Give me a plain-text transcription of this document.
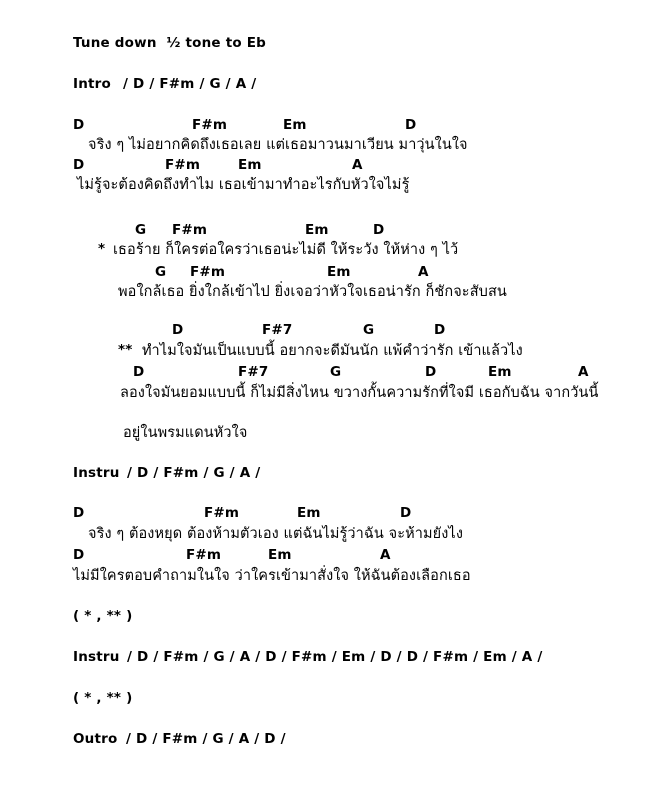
Tune down  ½ tone to Eb
Intro / D / F#m / G / A /
D	F#m	Em	D
จริง ๆ ไม่อยากคิดถึงเธอเลย แต่เธอมาวนมาเวียน มาวุ่นในใจ
D	F#m	Em	A
ไม่รู้จะต้องคิดถึงทำไม เธอเข้ามาทำอะไรกับหัวใจไม่รู้
G F#m	Em	D
* เธอร้าย ก็ใครต่อใครว่าเธอน่ะไม่ดี ให้ระวัง ให้ห่าง ๆ ไว้
G F#m	Em	A
พอใกล้เธอ ยิ่งใกล้เข้าไป ยิ่งเจอว่าหัวใจเธอน่ารัก ก็ชักจะสับสน
D	F#7	G	D
** ทำไมใจมันเป็นแบบนี้ อยากจะดีมันนัก แพ้คำว่ารัก เข้าแล้วไง
D	F#7	G	D	Em	A
ลองใจมันยอมแบบนี้ ก็ไม่มีสิ่งไหน ขวางกั้นความรักที่ใจมี เธอกับฉัน จากวันนี้
อยู่ในพรมแดนหัวใจ
Instru / D / F#m / G / A /
D	F#m	Em	D
จริง ๆ ต้องหยุด ต้องห้ามตัวเอง แต่ฉันไม่รู้ว่าฉัน จะห้ามยังไง
D	F#m	Em	A
ไม่มีใครตอบคำถามในใจ ว่าใครเข้ามาสั่งใจ ให้ฉันต้องเลือกเธอ
( * , ** )
Instru / D / F#m / G / A / D / F#m / Em / D / D / F#m / Em / A /
( * , ** )
Outro / D / F#m / G / A / D /
